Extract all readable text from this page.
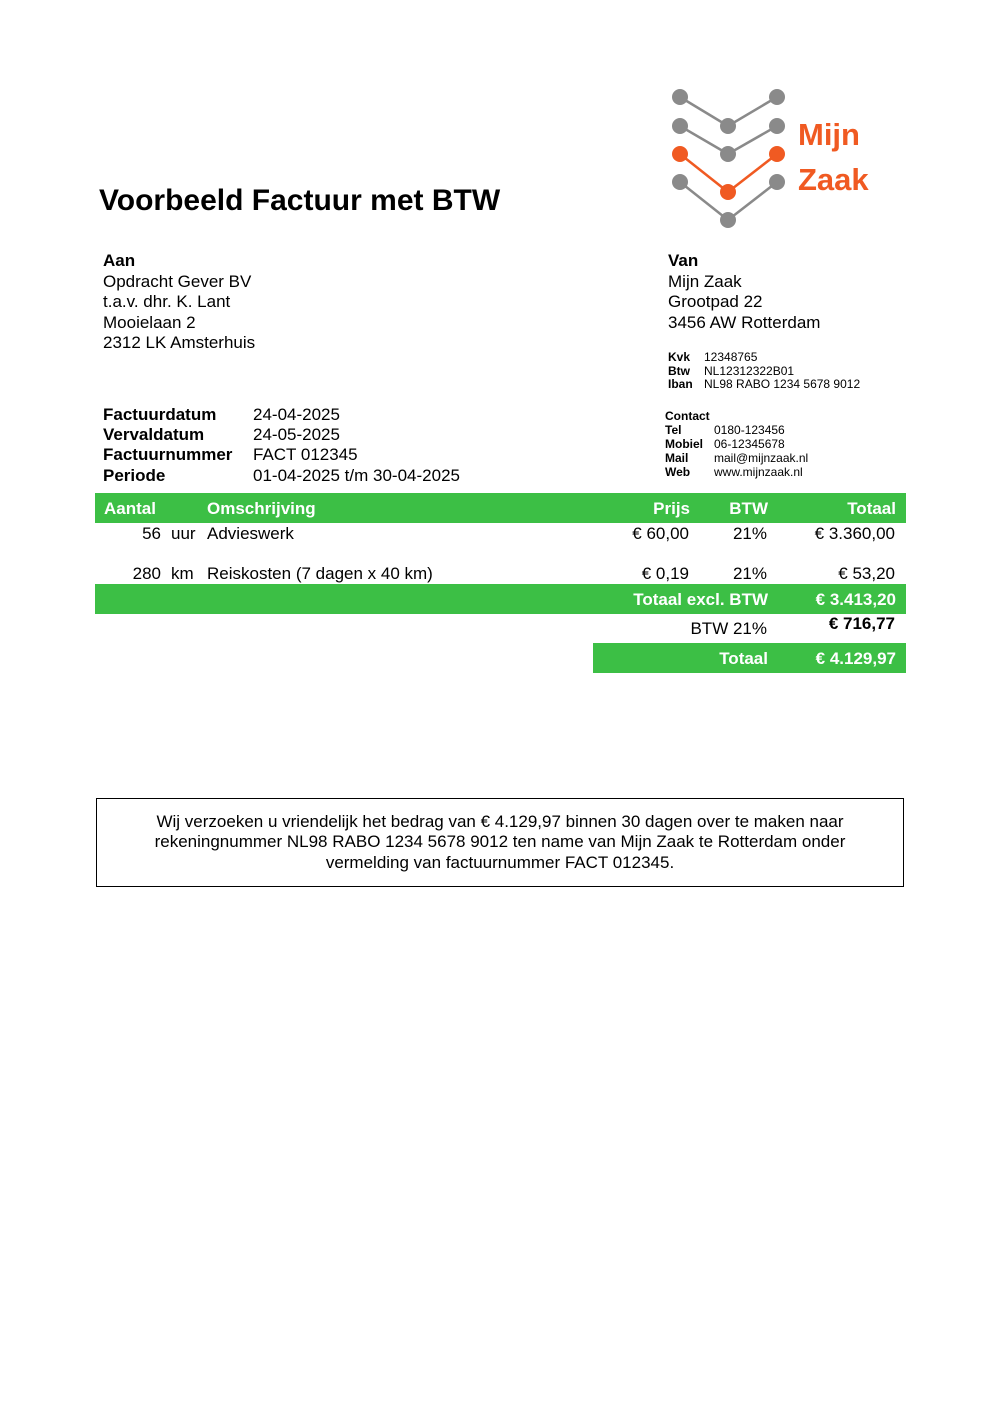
Voorbeeld Factuur met BTW
Mijn
Zaak
Aan
Opdracht Gever BV
t.a.v. dhr. K. Lant
Mooielaan 2
2312 LK Amsterhuis
Van
Mijn Zaak
Grootpad 22
3456 AW Rotterdam
Kvk	12348765
Btw	NL12312322B01
Iban NL98 RABO 1234 5678 9012
Contact
Tel	0180-123456
Mobiel 06-12345678
Mail	mail@mijnzaak.nl
Web	www.mijnzaak.nl
Factuurdatum	24-04-2025
Vervaldatum	24-05-2025
Factuurnummer	FACT 012345
Periode	01-04-2025 t/m 30-04-2025
Aantal	Omschrijving	Prijs BTW	Totaal
56 uur Advieswerk	€ 60,00	21%	€ 3.360,00
280 km Reiskosten (7 dagen x 40 km)	€ 0,19	21%	€ 53,20
Totaal excl. BTW	€ 3.413,20
BTW 21%	€ 716,77
Totaal	€ 4.129,97

Wij verzoeken u vriendelijk het bedrag van € 4.129,97 binnen 30 dagen over te maken naar rekeningnummer NL98 RABO 1234 5678 9012 ten name van Mijn Zaak te Rotterdam onder vermelding van factuurnummer FACT 012345.
